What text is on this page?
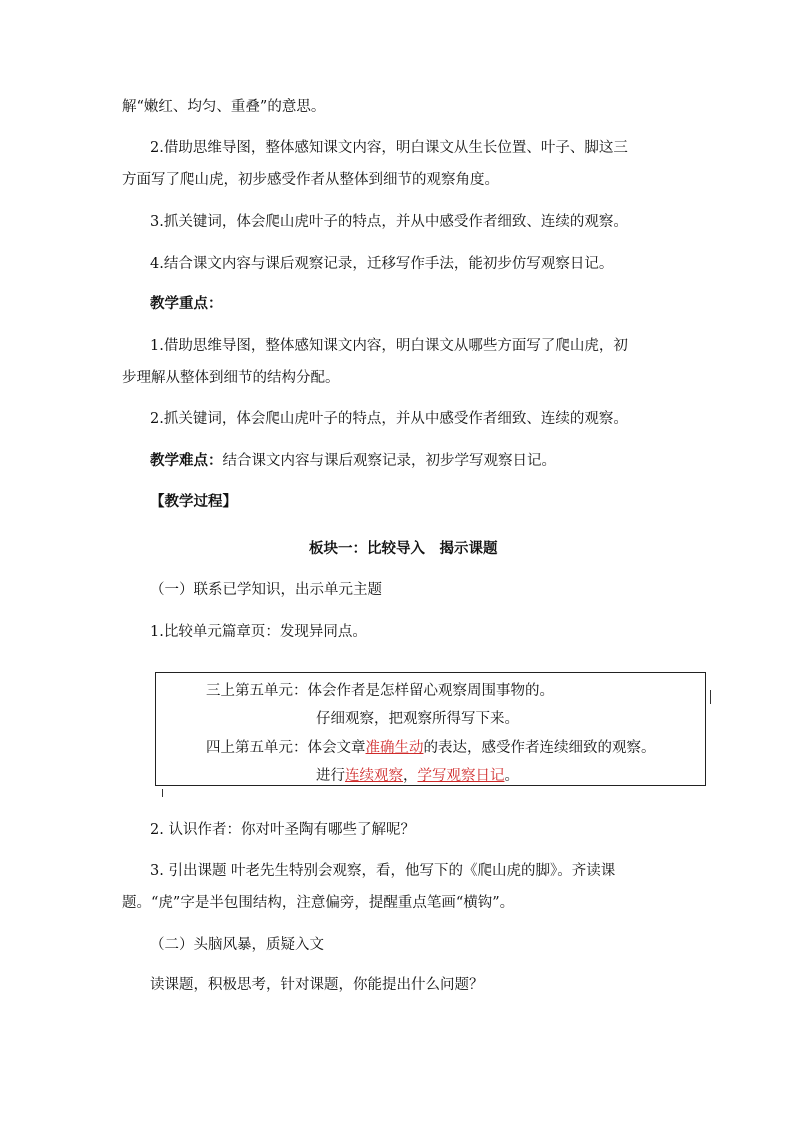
解“嫩红、均匀、重叠”的意思。
2.借助思维导图，整体感知课文内容，明白课文从生长位置、叶子、脚这三
方面写了爬山虎，初步感受作者从整体到细节的观察角度。
3.抓关键词，体会爬山虎叶子的特点，并从中感受作者细致、连续的观察。
4.结合课文内容与课后观察记录，迁移写作手法，能初步仿写观察日记。
教学重点：
1.借助思维导图，整体感知课文内容，明白课文从哪些方面写了爬山虎，初
步理解从整体到细节的结构分配。
2.抓关键词，体会爬山虎叶子的特点，并从中感受作者细致、连续的观察。
教学难点：结合课文内容与课后观察记录，初步学写观察日记。
【教学过程】
板块一：比较导入　揭示课题
（一）联系已学知识，出示单元主题
1.比较单元篇章页：发现异同点。
三上第五单元：体会作者是怎样留心观察周围事物的。
仔细观察，把观察所得写下来。
四上第五单元：体会文章准确生动的表达，感受作者连续细致的观察。
进行连续观察，学写观察日记。
2. 认识作者：你对叶圣陶有哪些了解呢？
3. 引出课题 叶老先生特别会观察，看，他写下的《爬山虎的脚》。齐读课
题。“虎”字是半包围结构，注意偏旁，提醒重点笔画“横钩”。
（二）头脑风暴，质疑入文
读课题，积极思考，针对课题，你能提出什么问题？
